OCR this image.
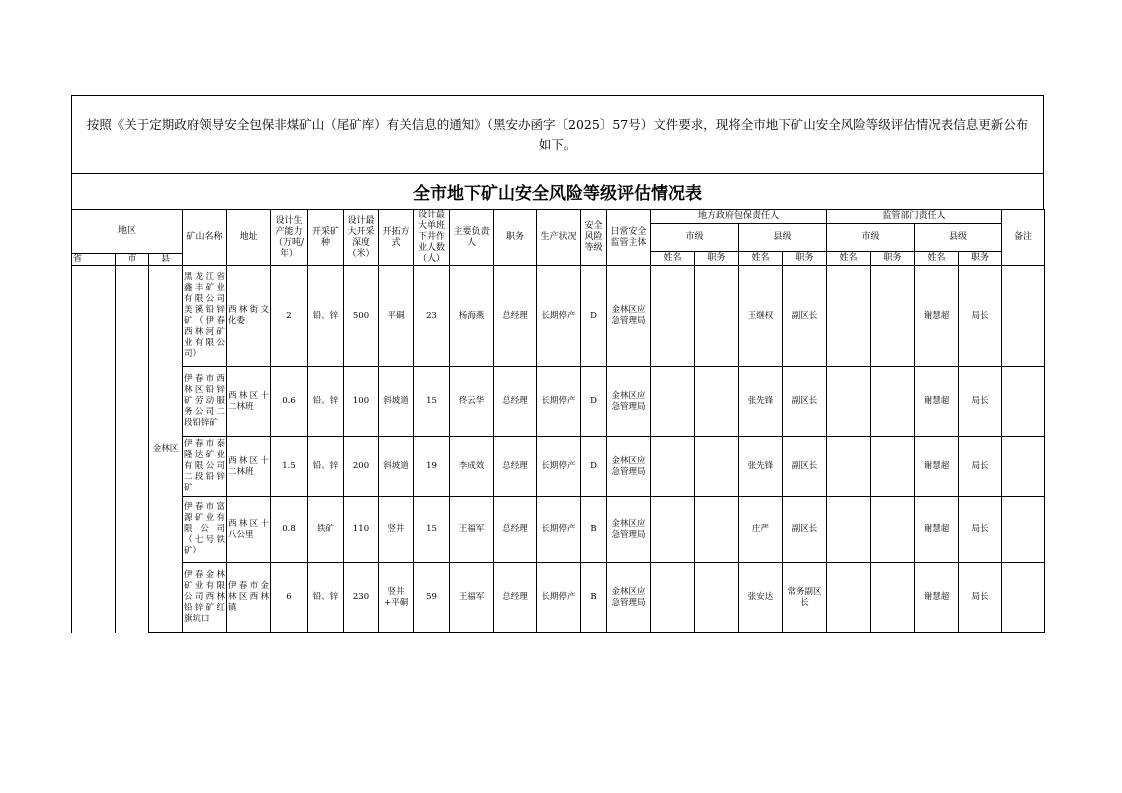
按照《关于定期政府领导安全包保非煤矿山（尾矿库）有关信息的通知》（黑安办函字〔2025〕57号）文件要求，现将全市地下矿山安全风险等级评估情况表信息更新公布如下。
全市地下矿山安全风险等级评估情况表
地区			矿山名称	地址	设计生产能力（万吨/年）	开采矿种	设计最大开采深度（米）	开拓方式	设计最大单班下井作业人数（人）	主要负责人	职务	生产状况	安全风险等级	日常安全监管主体	地方政府包保责任人				监管部门责任人				备注
															市级		县级		市级		县级		
															姓名	职务	姓名	职务	姓名	职务	姓名	职务	
省	市	县																					
		金林区	黑龙江省鑫丰矿业有限公司美溪铅锌矿（伊春西林河矿业有限公司）	西林街文化委	2	铅、锌	500	平硐	23	杨海燕	总经理	长期停产	D	金林区应急管理局			王继权	副区长			谢慧超	局长	
			伊春市西林区铅锌矿劳动服务公司二段铅锌矿	西林区十二林班	0.6	铅、锌	100	斜坡道	15	佟云华	总经理	长期停产	D	金林区应急管理局			张先锋	副区长			谢慧超	局长	
			伊春市泰隆达矿业有限公司二段铅锌矿	西林区十二林班	1.5	铅、锌	200	斜坡道	19	李成效	总经理	长期停产	D	金林区应急管理局			张先锋	副区长			谢慧超	局长	
			伊春市富源矿业有限公司（七号铁矿）	西林区十八公里	0.8	铁矿	110	竖井	15	王福军	总经理	长期停产	B	金林区应急管理局			庄严	副区长			谢慧超	局长	
			伊春金林矿业有限公司西林铅锌矿红旗坑口	伊春市金林区西林镇	6	铅、锌	230	竖井+平硐	59	王福军	总经理	长期停产	B	金林区应急管理局			张安达	常务副区长			谢慧超	局长	
